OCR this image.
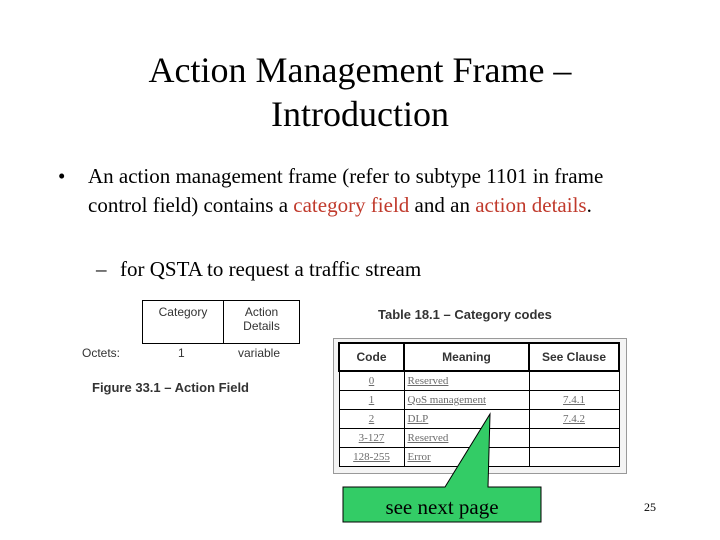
Action Management Frame –
Introduction
• An action management frame (refer to subtype 1101 in frame control field) contains a category field and an action details.
– for QSTA to request a traffic stream
Category	Action Details
Octets:	1	variable
Figure 33.1 – Action Field
Table 18.1 – Category codes
Code	Meaning	See Clause
0	Reserved	
1	QoS management	7.4.1
2	DLP	7.4.2
3-127	Reserved	
128-255	Error	
see next page	25
